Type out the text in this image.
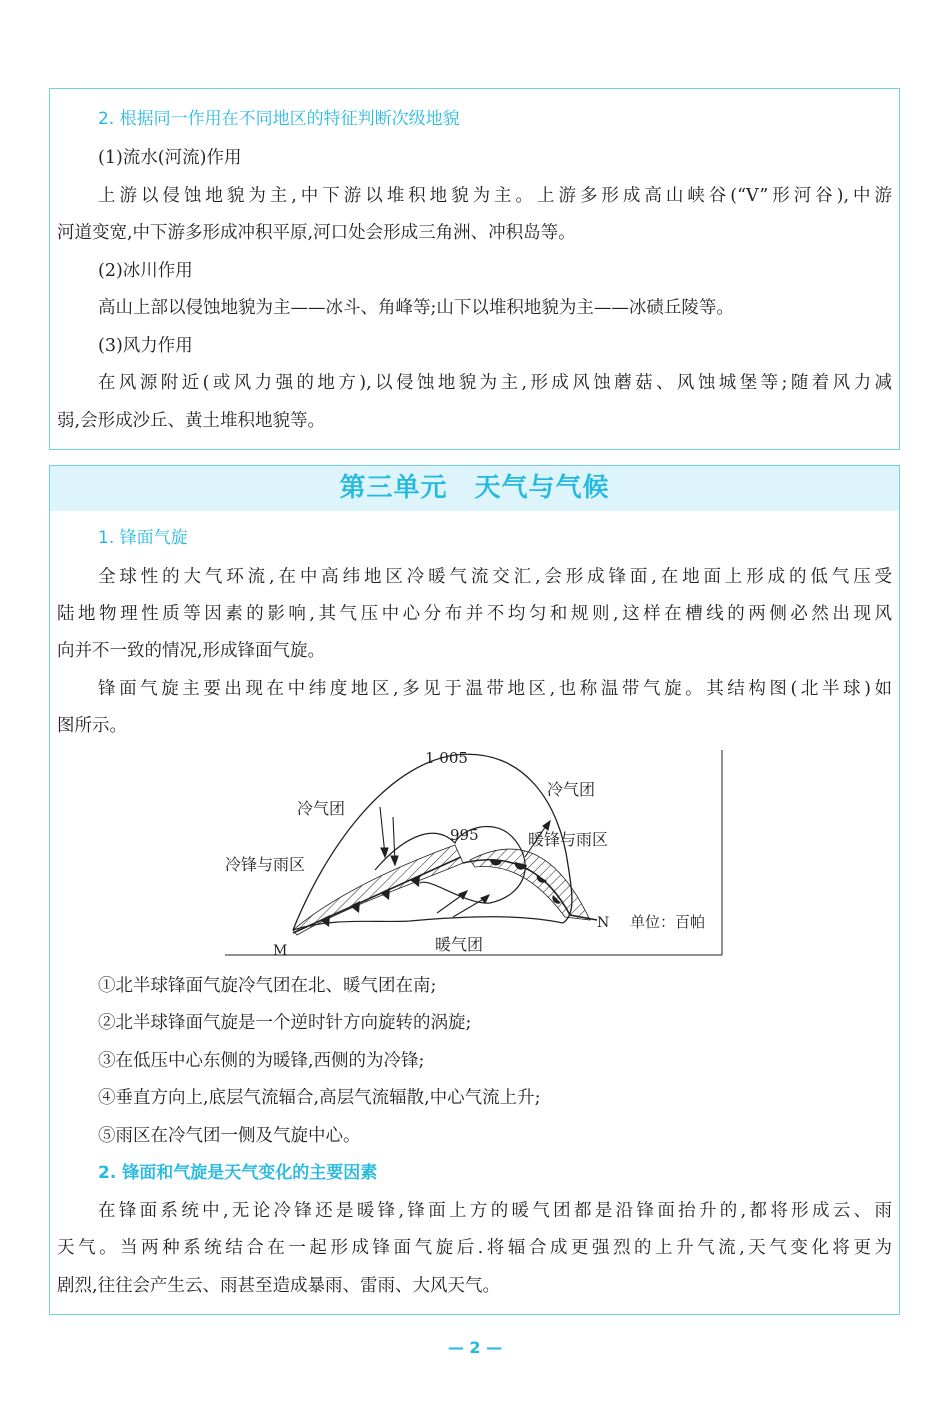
2. 根据同一作用在不同地区的特征判断次级地貌
(1)流水(河流)作用
上游以侵蚀地貌为主,中下游以堆积地貌为主。上游多形成高山峡谷(“V”形河谷),中游
河道变宽,中下游多形成冲积平原,河口处会形成三角洲、冲积岛等。
(2)冰川作用
高山上部以侵蚀地貌为主——冰斗、角峰等;山下以堆积地貌为主——冰碛丘陵等。
(3)风力作用
在风源附近(或风力强的地方),以侵蚀地貌为主,形成风蚀蘑菇、风蚀城堡等;随着风力减
弱,会形成沙丘、黄土堆积地貌等。
第三单元　天气与气候
1. 锋面气旋
全球性的大气环流,在中高纬地区冷暖气流交汇,会形成锋面,在地面上形成的低气压受
陆地物理性质等因素的影响,其气压中心分布并不均匀和规则,这样在槽线的两侧必然出现风
向并不一致的情况,形成锋面气旋。
锋面气旋主要出现在中纬度地区,多见于温带地区,也称温带气旋。其结构图(北半球)如
图所示。
①北半球锋面气旋冷气团在北、暖气团在南;
②北半球锋面气旋是一个逆时针方向旋转的涡旋;
③在低压中心东侧的为暖锋,西侧的为冷锋;
④垂直方向上,底层气流辐合,高层气流辐散,中心气流上升;
⑤雨区在冷气团一侧及气旋中心。
2. 锋面和气旋是天气变化的主要因素
在锋面系统中,无论冷锋还是暖锋,锋面上方的暖气团都是沿锋面抬升的,都将形成云、雨
天气。当两种系统结合在一起形成锋面气旋后.将辐合成更强烈的上升气流,天气变化将更为
剧烈,往往会产生云、雨甚至造成暴雨、雷雨、大风天气。
1 005
995
冷气团
冷气团
冷锋与雨区
暖锋与雨区
暖气团
M
N 单位：百帕
— 2 —
